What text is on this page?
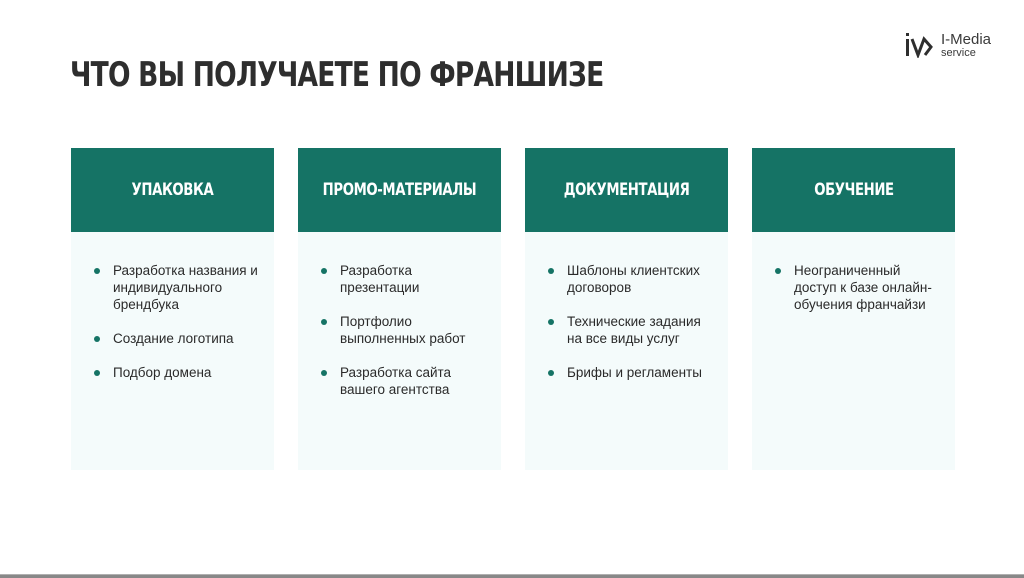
ЧТО ВЫ ПОЛУЧАЕТЕ ПО ФРАНШИЗЕ
I-Media
service
УПАКОВКА
Разработка названия и индивидуального брендбука
Создание логотипа
Подбор домена
ПРОМО-МАТЕРИАЛЫ
Разработка презентации
Портфолио выполненных работ
Разработка сайта вашего агентства
ДОКУМЕНТАЦИЯ
Шаблоны клиентских договоров
Технические задания на все виды услуг
Брифы и регламенты
ОБУЧЕНИЕ
Неограниченный доступ к базе онлайн-обучения франчайзи
